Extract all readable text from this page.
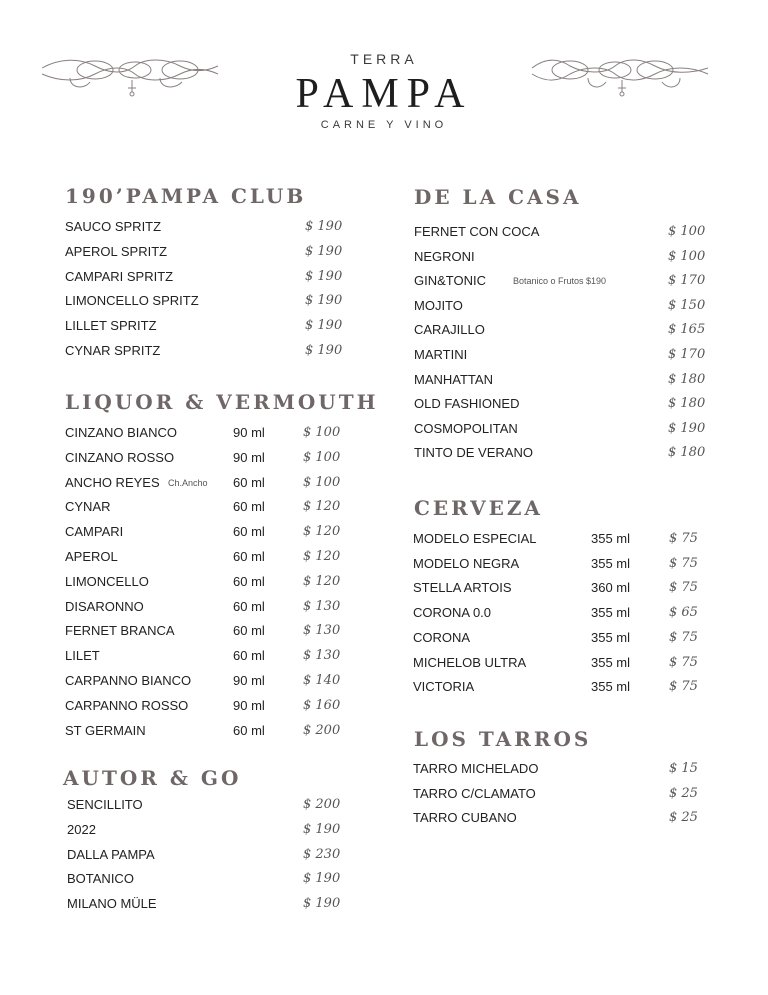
TERRA
PAMPA
CARNE Y VINO
190’PAMPA CLUB
LIQUOR & VERMOUTH
AUTOR & GO
DE LA CASA
CERVEZA
LOS TARROS
SAUCO SPRITZ	$ 190
APEROL SPRITZ	$ 190
CAMPARI SPRITZ	$ 190
LIMONCELLO SPRITZ	$ 190
LILLET SPRITZ	$ 190
CYNAR SPRITZ	$ 190
CINZANO BIANCO	90 ml	$ 100
CINZANO ROSSO	90 ml	$ 100
ANCHO REYES Ch.Ancho 60 ml	$ 100
CYNAR	60 ml	$ 120
CAMPARI	60 ml	$ 120
APEROL	60 ml	$ 120
LIMONCELLO	60 ml	$ 120
DISARONNO	60 ml	$ 130
FERNET BRANCA	60 ml	$ 130
LILET	60 ml	$ 130
CARPANNO BIANCO	90 ml	$ 140
CARPANNO ROSSO	90 ml	$ 160
ST GERMAIN	60 ml	$ 200
SENCILLITO	$ 200
2022	$ 190
DALLA PAMPA	$ 230
BOTANICO	$ 190
MILANO MÜLE	$ 190
FERNET CON COCA	$ 100
NEGRONI	$ 100
GIN&TONIC	Botanico o Frutos $190	$ 170
MOJITO	$ 150
CARAJILLO	$ 165
MARTINI	$ 170
MANHATTAN	$ 180
OLD FASHIONED	$ 180
COSMOPOLITAN	$ 190
TINTO DE VERANO	$ 180
MODELO ESPECIAL	355 ml	$ 75
MODELO NEGRA	355 ml	$ 75
STELLA ARTOIS	360 ml	$ 75
CORONA 0.0	355 ml	$ 65
CORONA	355 ml	$ 75
MICHELOB ULTRA	355 ml	$ 75
VICTORIA	355 ml	$ 75
TARRO MICHELADO	$ 15
TARRO C/CLAMATO	$ 25
TARRO CUBANO	$ 25
